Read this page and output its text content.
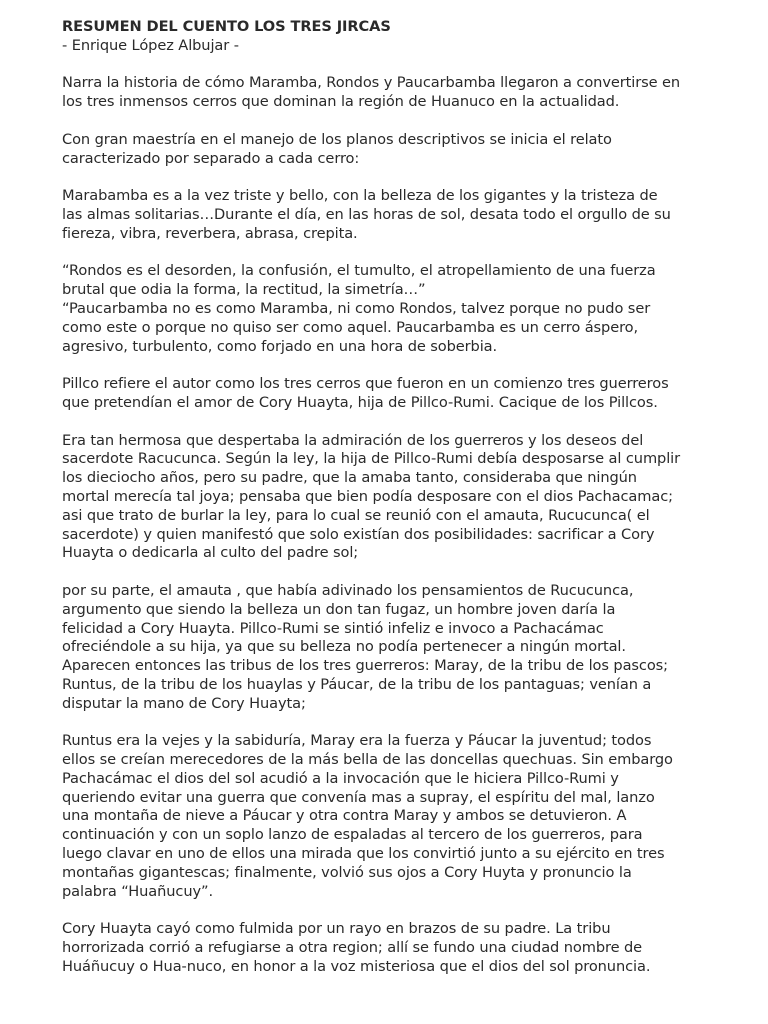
RESUMEN DEL CUENTO LOS TRES JIRCAS
- Enrique López Albujar -
Narra la historia de cómo Maramba, Rondos y Paucarbamba llegaron a convertirse en
los tres inmensos cerros que dominan la región de Huanuco en la actualidad.
Con gran maestría en el manejo de los planos descriptivos se inicia el relato
caracterizado por separado a cada cerro:
Marabamba es a la vez triste y bello, con la belleza de los gigantes y la tristeza de
las almas solitarias…Durante el día, en las horas de sol, desata todo el orgullo de su
fiereza, vibra, reverbera, abrasa, crepita.
“Rondos es el desorden, la confusión, el tumulto, el atropellamiento de una fuerza
brutal que odia la forma, la rectitud, la simetría…”
“Paucarbamba no es como Maramba, ni como Rondos, talvez porque no pudo ser
como este o porque no quiso ser como aquel. Paucarbamba es un cerro áspero,
agresivo, turbulento, como forjado en una hora de soberbia.
Pillco refiere el autor como los tres cerros que fueron en un comienzo tres guerreros
que pretendían el amor de Cory Huayta, hija de Pillco-Rumi. Cacique de los Pillcos.
Era tan hermosa que despertaba la admiración de los guerreros y los deseos del
sacerdote Racucunca. Según la ley, la hija de Pillco-Rumi debía desposarse al cumplir
los dieciocho años, pero su padre, que la amaba tanto, consideraba que ningún
mortal merecía tal joya; pensaba que bien podía desposare con el dios Pachacamac;
asi que trato de burlar la ley, para lo cual se reunió con el amauta, Rucucunca( el
sacerdote) y quien manifestó que solo existían dos posibilidades: sacrificar a Cory
Huayta o dedicarla al culto del padre sol;
por su parte, el amauta , que había adivinado los pensamientos de Rucucunca,
argumento que siendo la belleza un don tan fugaz, un hombre joven daría la
felicidad a Cory Huayta. Pillco-Rumi se sintió infeliz e invoco a Pachacámac
ofreciéndole a su hija, ya que su belleza no podía pertenecer a ningún mortal.
Aparecen entonces las tribus de los tres guerreros: Maray, de la tribu de los pascos;
Runtus, de la tribu de los huaylas y Páucar, de la tribu de los pantaguas; venían a
disputar la mano de Cory Huayta;
Runtus era la vejes y la sabiduría, Maray era la fuerza y Páucar la juventud; todos
ellos se creían merecedores de la más bella de las doncellas quechuas. Sin embargo
Pachacámac el dios del sol acudió a la invocación que le hiciera Pillco-Rumi y
queriendo evitar una guerra que convenía mas a supray, el espíritu del mal, lanzo
una montaña de nieve a Páucar y otra contra Maray y ambos se detuvieron. A
continuación y con un soplo lanzo de espaladas al tercero de los guerreros, para
luego clavar en uno de ellos una mirada que los convirtió junto a su ejército en tres
montañas gigantescas; finalmente, volvió sus ojos a Cory Huyta y pronuncio la
palabra “Huañucuy”.
Cory Huayta cayó como fulmida por un rayo en brazos de su padre. La tribu
horrorizada corrió a refugiarse a otra region; allí se fundo una ciudad nombre de
Huáñucuy o Hua-nuco, en honor a la voz misteriosa que el dios del sol pronuncia.
